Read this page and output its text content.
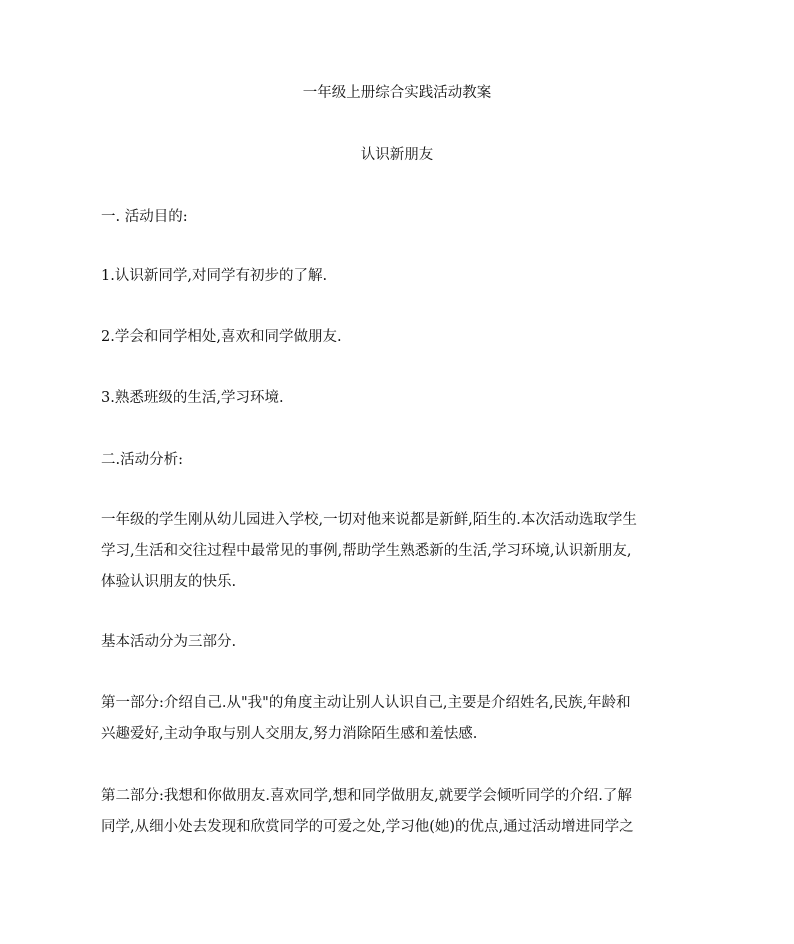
一年级上册综合实践活动教案
认识新朋友
一. 活动目的:
1.认识新同学,对同学有初步的了解.
2.学会和同学相处,喜欢和同学做朋友.
3.熟悉班级的生活,学习环境.
二.活动分析:
一年级的学生刚从幼儿园进入学校,一切对他来说都是新鲜,陌生的.本次活动选取学生
学习,生活和交往过程中最常见的事例,帮助学生熟悉新的生活,学习环境,认识新朋友,
体验认识朋友的快乐.
基本活动分为三部分.
第一部分:介绍自己.从"我"的角度主动让别人认识自己,主要是介绍姓名,民族,年龄和
兴趣爱好,主动争取与别人交朋友,努力消除陌生感和羞怯感.
第二部分:我想和你做朋友.喜欢同学,想和同学做朋友,就要学会倾听同学的介绍.了解
同学,从细小处去发现和欣赏同学的可爱之处,学习他(她)的优点,通过活动增进同学之
